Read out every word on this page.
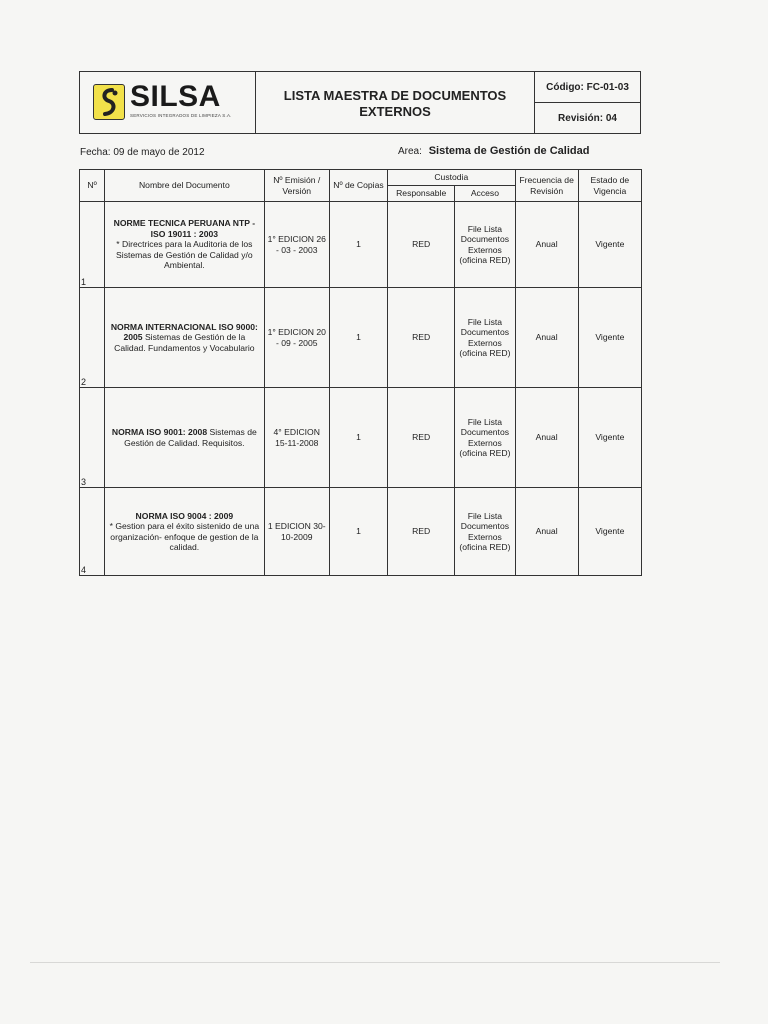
SILSA
SERVICIOS INTEGRADOS DE LIMPIEZA S.A.
LISTA MAESTRA DE DOCUMENTOS
EXTERNOS
Código: FC-01-03
Revisión: 04
Fecha: 09 de mayo de 2012	Area: Sistema de Gestión de Calidad
Nº	Nombre del Documento	Nº Emisión / Versión	Nº de Copias	Custodia		Frecuencia de Revisión	Estado de Vigencia
				Responsable	Acceso		

1	NORME TECNICA PERUANA NTP - ISO 19011 : 2003
* Directrices para la Auditoria de los Sistemas de Gestión de Calidad y/o Ambiental.	1° EDICION 26 - 03 - 2003	1	RED	File Lista Documentos Externos (oficina RED)	Anual	Vigente

2	NORMA INTERNACIONAL ISO 9000: 2005 Sistemas de Gestión de la Calidad. Fundamentos y Vocabulario	1° EDICION 20 - 09 - 2005	1	RED	File Lista Documentos Externos (oficina RED)	Anual	Vigente

3	NORMA ISO 9001: 2008 Sistemas de Gestión de Calidad. Requisitos.	4° EDICION 15-11-2008	1	RED	File Lista Documentos Externos (oficina RED)	Anual	Vigente

4	NORMA ISO 9004 : 2009
* Gestion para el éxito sistenido de una organización- enfoque de gestion de la calidad.	1 EDICION 30-10-2009	1	RED	File Lista Documentos Externos (oficina RED)	Anual	Vigente
